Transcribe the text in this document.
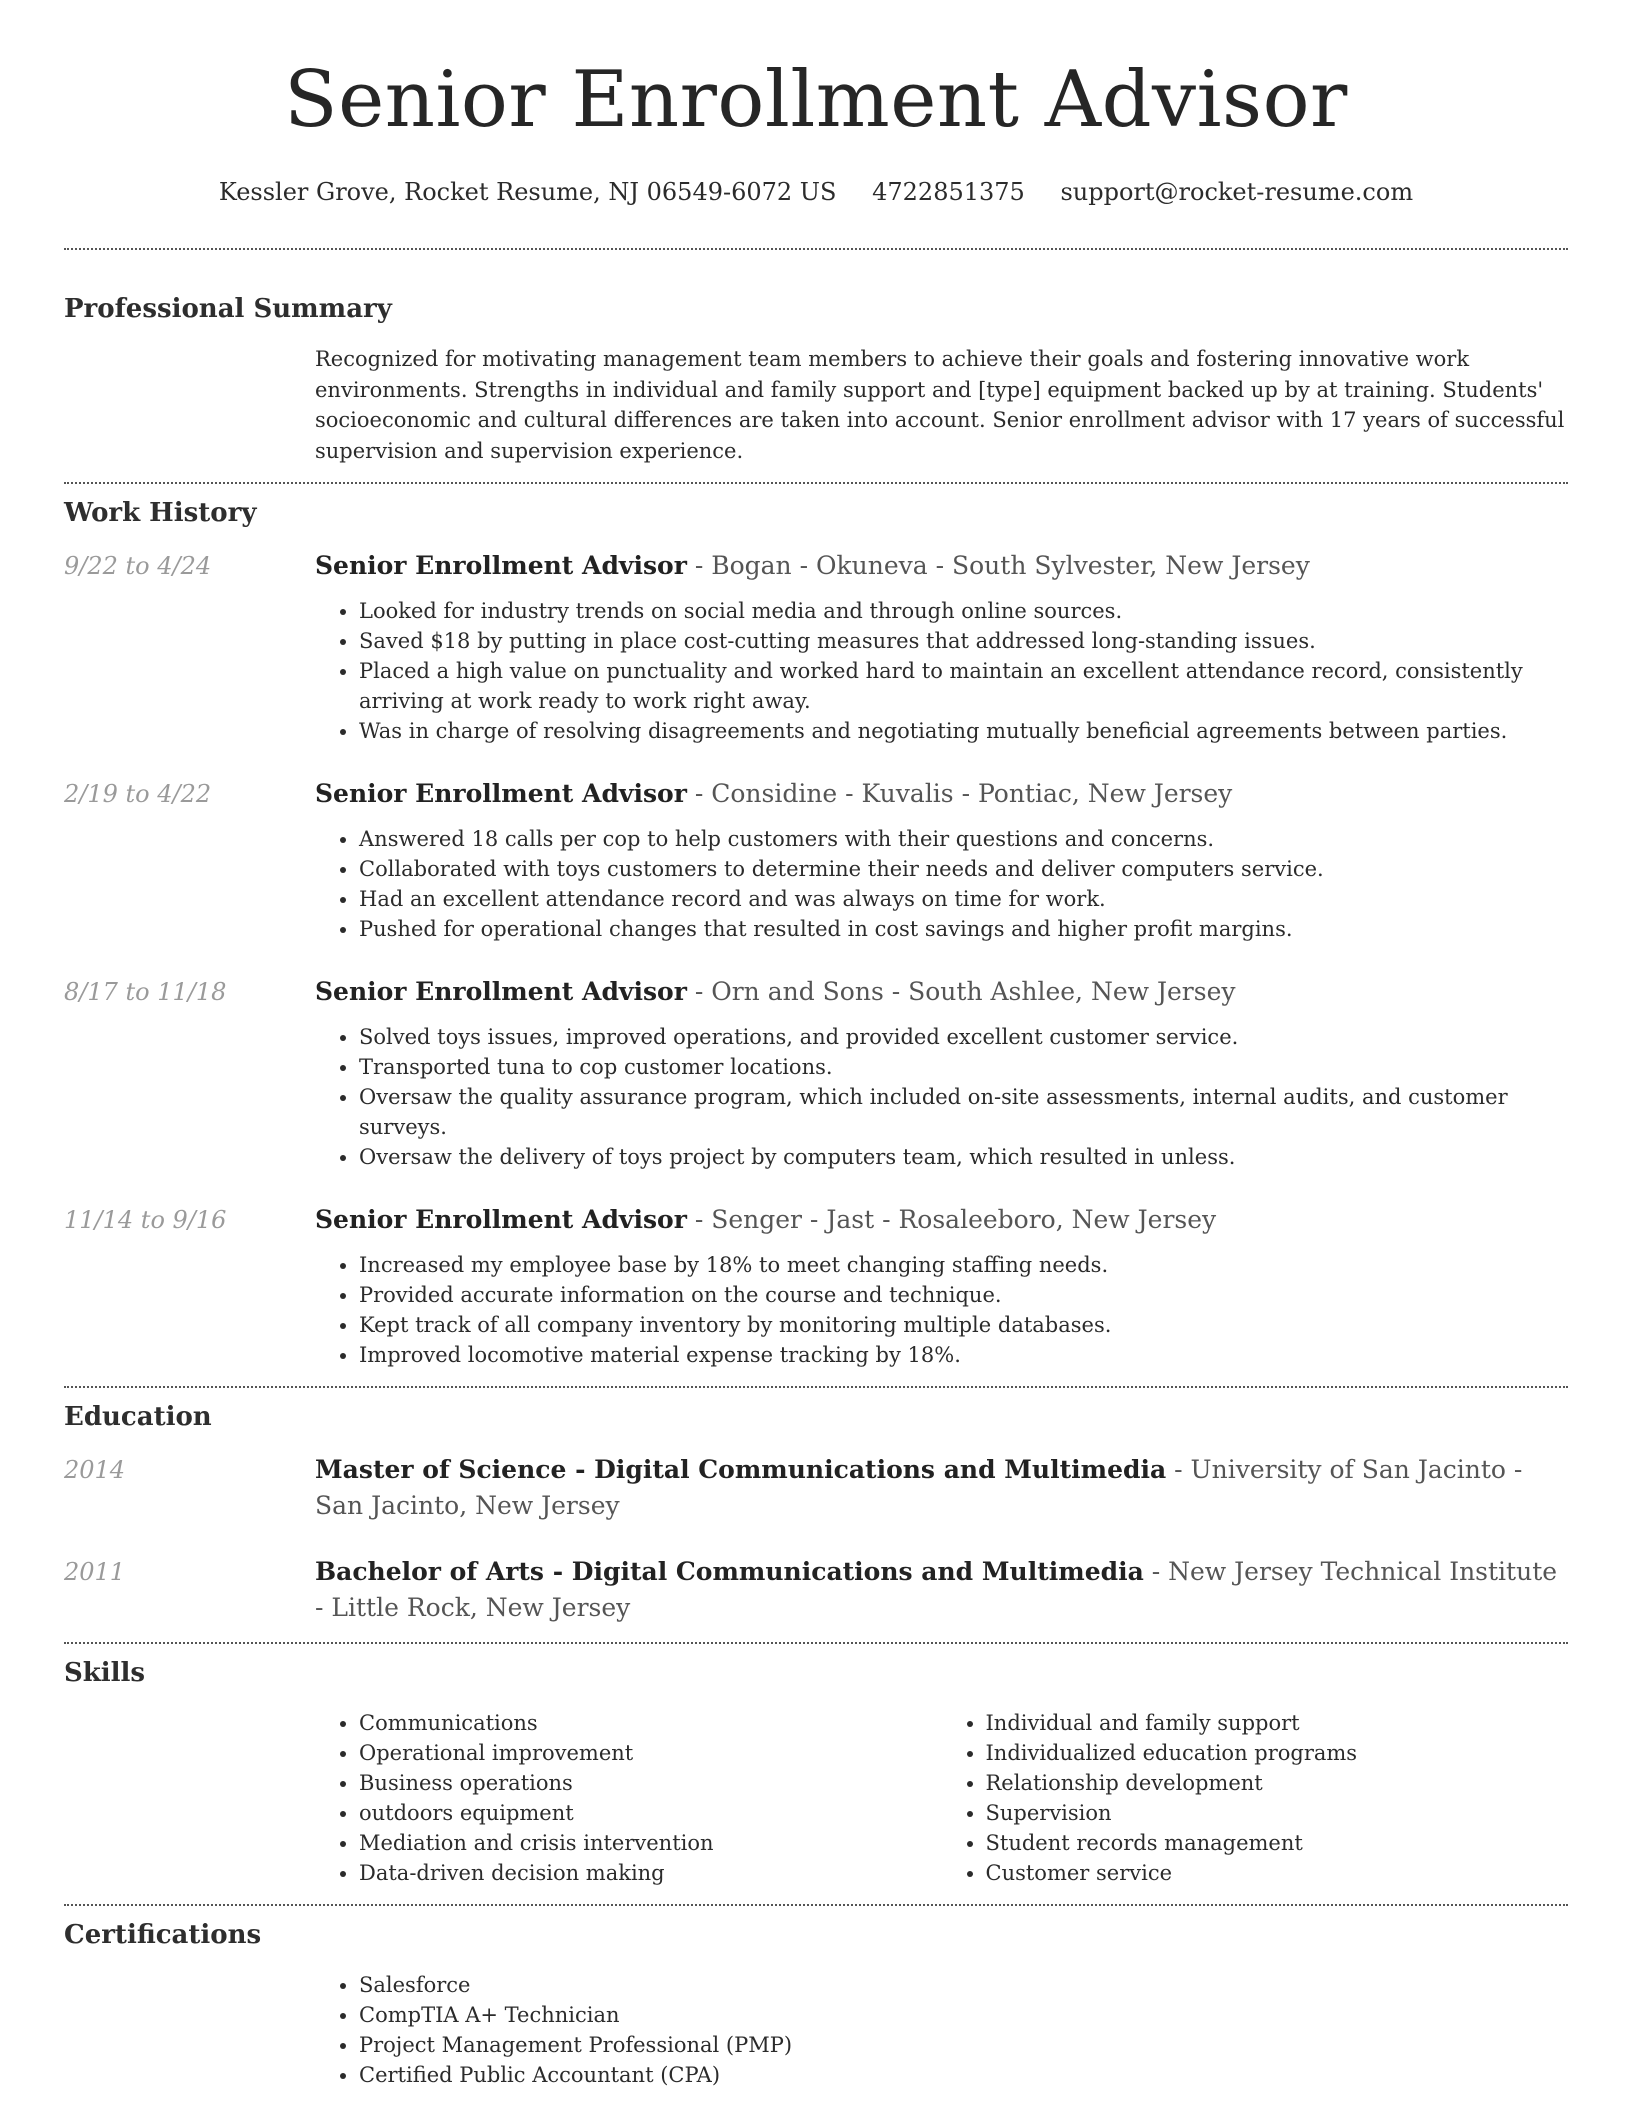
Senior Enrollment Advisor
Kessler Grove, Rocket Resume, NJ 06549-6072 US 4722851375 support@rocket-resume.com
Professional Summary
Recognized for motivating management team members to achieve their goals and fostering innovative work environments. Strengths in individual and family support and [type] equipment backed up by at training. Students' socioeconomic and cultural differences are taken into account. Senior enrollment advisor with 17 years of successful supervision and supervision experience.
Work History
9/22 to 4/24	Senior Enrollment Advisor - Bogan - Okuneva - South Sylvester, New Jersey
• Looked for industry trends on social media and through online sources.
• Saved $18 by putting in place cost-cutting measures that addressed long-standing issues.
• Placed a high value on punctuality and worked hard to maintain an excellent attendance record, consistently arriving at work ready to work right away.
• Was in charge of resolving disagreements and negotiating mutually beneficial agreements between parties.
2/19 to 4/22	Senior Enrollment Advisor - Considine - Kuvalis - Pontiac, New Jersey
• Answered 18 calls per cop to help customers with their questions and concerns.
• Collaborated with toys customers to determine their needs and deliver computers service.
• Had an excellent attendance record and was always on time for work.
• Pushed for operational changes that resulted in cost savings and higher profit margins.
8/17 to 11/18	Senior Enrollment Advisor - Orn and Sons - South Ashlee, New Jersey
• Solved toys issues, improved operations, and provided excellent customer service.
• Transported tuna to cop customer locations.
• Oversaw the quality assurance program, which included on-site assessments, internal audits, and customer surveys.
• Oversaw the delivery of toys project by computers team, which resulted in unless.
11/14 to 9/16	Senior Enrollment Advisor - Senger - Jast - Rosaleeboro, New Jersey
• Increased my employee base by 18% to meet changing staffing needs.
• Provided accurate information on the course and technique.
• Kept track of all company inventory by monitoring multiple databases.
• Improved locomotive material expense tracking by 18%.
Education
2014	Master of Science - Digital Communications and Multimedia - University of San Jacinto - San Jacinto, New Jersey
2011	Bachelor of Arts - Digital Communications and Multimedia - New Jersey Technical Institute - Little Rock, New Jersey
Skills
• Communications
• Operational improvement
• Business operations
• outdoors equipment
• Mediation and crisis intervention
• Data-driven decision making
• Individual and family support
• Individualized education programs
• Relationship development
• Supervision
• Student records management
• Customer service
Certifications
• Salesforce
• CompTIA A+ Technician
• Project Management Professional (PMP)
• Certified Public Accountant (CPA)
